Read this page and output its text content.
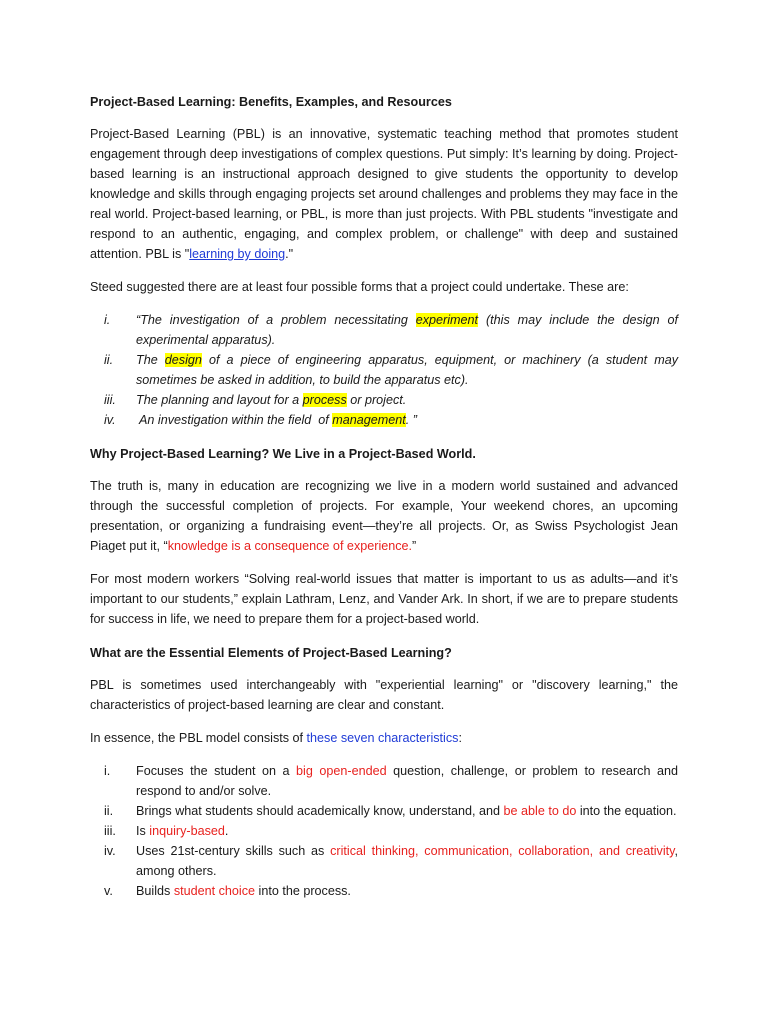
Project-Based Learning: Benefits, Examples, and Resources

Project-Based Learning (PBL) is an innovative, systematic teaching method that promotes student engagement through deep investigations of complex questions. Put simply: It’s learning by doing. Project-based learning is an instructional approach designed to give students the opportunity to develop knowledge and skills through engaging projects set around challenges and problems they may face in the real world. Project-based learning, or PBL, is more than just projects. With PBL students "investigate and respond to an authentic, engaging, and complex problem, or challenge" with deep and sustained attention. PBL is "learning by doing."

Steed suggested there are at least four possible forms that a project could undertake. These are:

i.	“The investigation of a problem necessitating experiment (this may include the design of experimental apparatus).
ii.	The design of a piece of engineering apparatus, equipment, or machinery (a student may sometimes be asked in addition, to build the apparatus etc).
iii.	The planning and layout for a process or project.
iv.	An investigation within the field  of management. ”
Why Project-Based Learning? We Live in a Project-Based World.

The truth is, many in education are recognizing we live in a modern world sustained and advanced through the successful completion of projects. For example, Your weekend chores, an upcoming presentation, or organizing a fundraising event—they’re all projects. Or, as Swiss Psychologist Jean Piaget put it, “knowledge is a consequence of experience.”

For most modern workers “Solving real-world issues that matter is important to us as adults—and it’s important to our students,” explain Lathram, Lenz, and Vander Ark. In short, if we are to prepare students for success in life, we need to prepare them for a project-based world.

What are the Essential Elements of Project-Based Learning?

PBL is sometimes used interchangeably with "experiential learning" or "discovery learning," the characteristics of project-based learning are clear and constant.

In essence, the PBL model consists of these seven characteristics:

i.	Focuses the student on a big open-ended question, challenge, or problem to research and respond to and/or solve.
ii.	Brings what students should academically know, understand, and be able to do into the equation.
iii.	Is inquiry-based.
iv.	Uses 21st-century skills such as critical thinking, communication, collaboration, and creativity, among others.
v.	Builds student choice into the process.
